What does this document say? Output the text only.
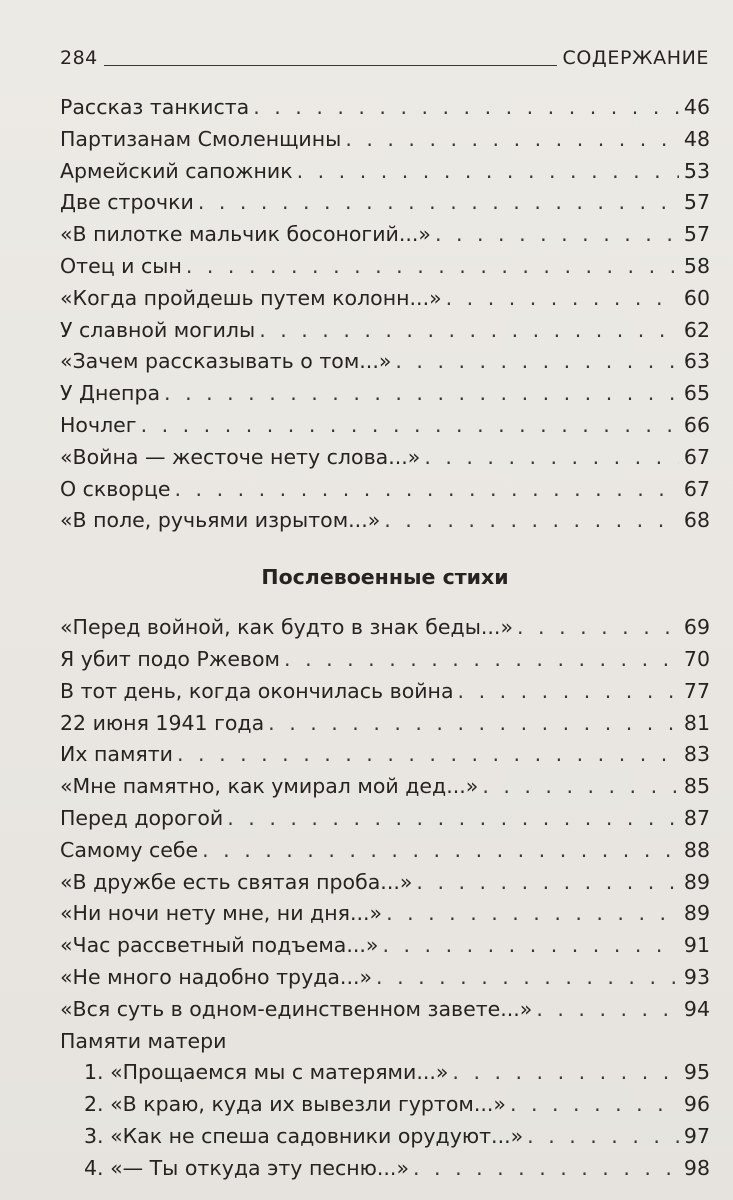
284	СОДЕРЖАНИЕ
Рассказ танкиста . . .	46
Партизанам Смоленщины . . .	48
Армейский сапожник . . .	53
Две строчки . . .	57
«В пилотке мальчик босоногий...» . . .	57
Отец и сын . . .	58
«Когда пройдешь путем колонн...» . . .	60
У славной могилы . . .	62
«Зачем рассказывать о том...» . . .	63
У Днепра . . .	65
Ночлег . . .	66
«Война — жесточе нету слова...» . . .	67
О скворце . . .	67
«В поле, ручьями изрытом...» . . .	68
Послевоенные стихи
«Перед войной, как будто в знак беды...» . . .	69
Я убит подо Ржевом . . .	70
В тот день, когда окончилась война . . .	77
22 июня 1941 года . . .	81
Их памяти . . .	83
«Мне памятно, как умирал мой дед...» . . .	85
Перед дорогой . . .	87
Самому себе . . .	88
«В дружбе есть святая проба...» . . .	89
«Ни ночи нету мне, ни дня...» . . .	89
«Час рассветный подъема...» . . .	91
«Не много надобно труда...» . . .	93
«Вся суть в одном-единственном завете...» . . .	94
Памяти матери
1. «Прощаемся мы с матерями...» . . .	95
2. «В краю, куда их вывезли гуртом...» . . .	96
3. «Как не спеша садовники орудуют...» . . .	97
4. «— Ты откуда эту песню...» . . .	98
